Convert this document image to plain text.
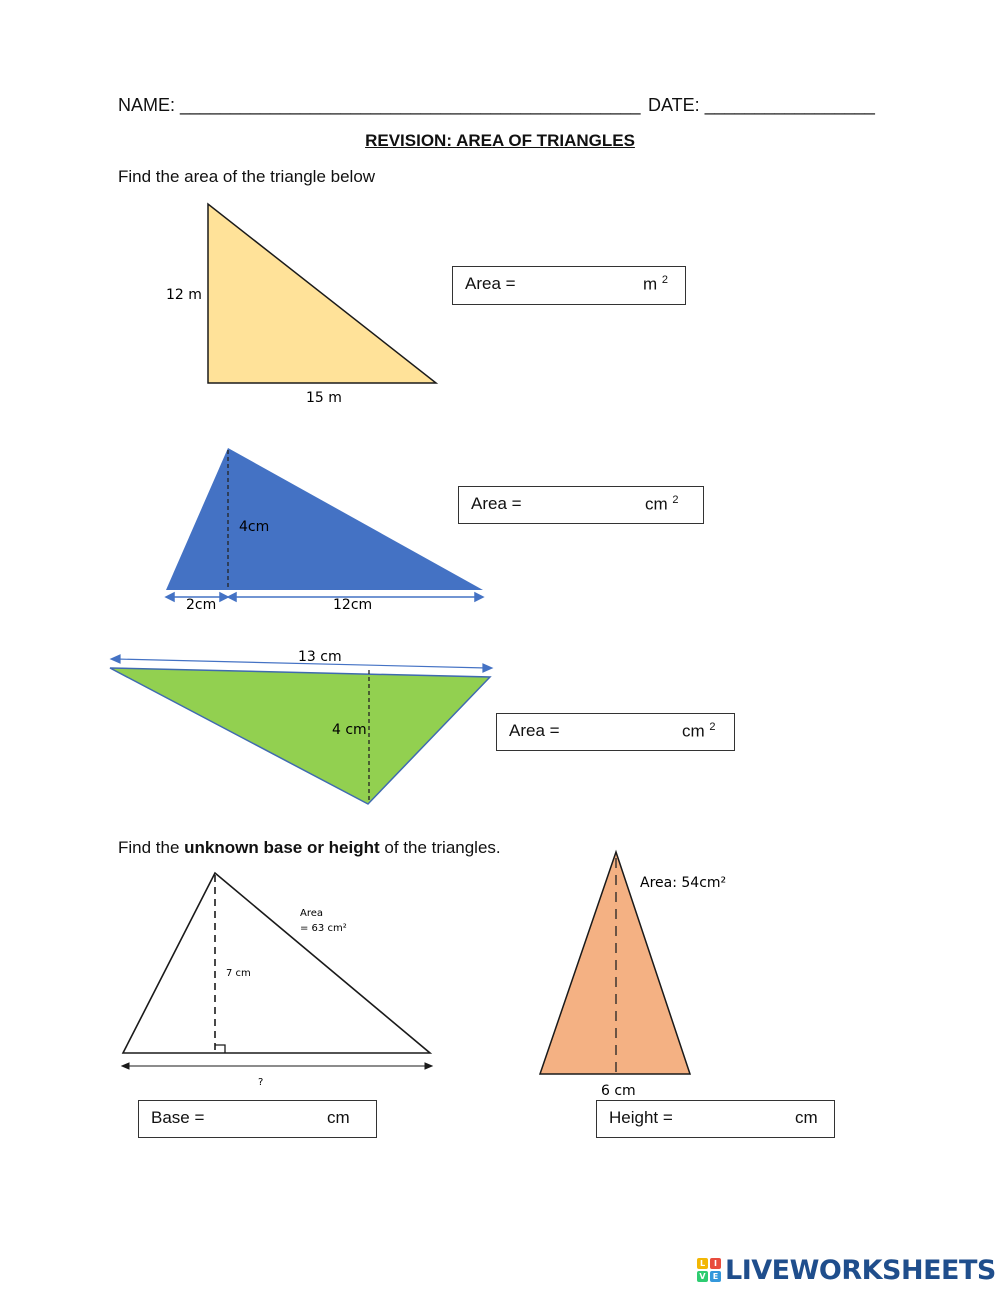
NAME: ______________________________________________ DATE: _________________
REVISION: AREA OF TRIANGLES
Find the area of the triangle below
12 m
15 m
4cm
2cm	12cm
13 cm
4 cm
7 cm
Area
= 63 cm²
?
Area: 54cm²
6 cm
Area =	m $^2$
Area =	cm $^2$
Area =	cm $^2$
Find the unknown base or height of the triangles.
Base =	cm	Height =	cm
L	I
V E LIVEWORKSHEETS
